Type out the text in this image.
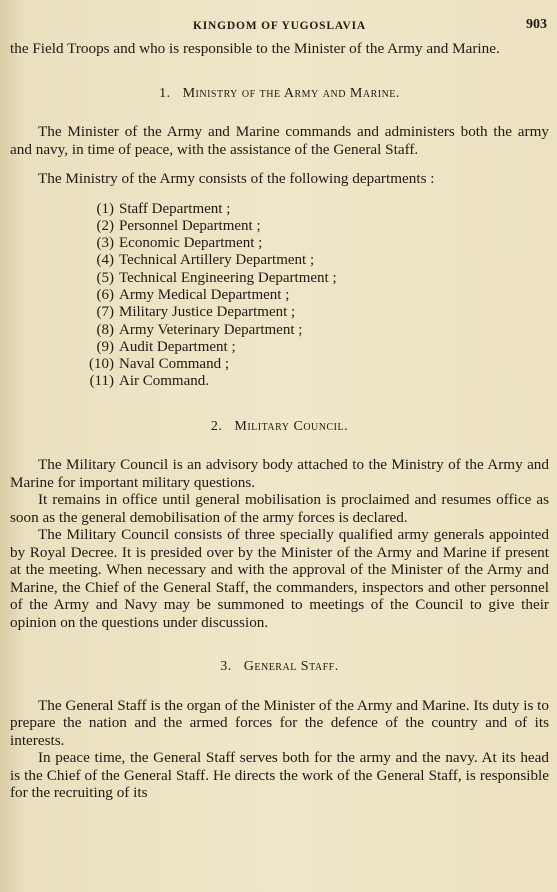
KINGDOM OF YUGOSLAVIA	903

the Field Troops and who is responsible to the Minister of the Army and Marine.

1. Ministry of the Army and Marine.

The Minister of the Army and Marine commands and administers both the army and navy, in time of peace, with the assistance of the General Staff.

The Ministry of the Army consists of the following departments :

(1) Staff Department ;
(2) Personnel Department ;
(3) Economic Department ;
(4) Technical Artillery Department ;
(5) Technical Engineering Department ;
(6) Army Medical Department ;
(7) Military Justice Department ;
(8) Army Veterinary Department ;
(9) Audit Department ;
(10) Naval Command ;
(11) Air Command.
2. Military Council.

The Military Council is an advisory body attached to the Ministry of the Army and Marine for important military questions.

It remains in office until general mobilisation is proclaimed and resumes office as soon as the general demobilisation of the army forces is declared.

The Military Council consists of three specially qualified army generals appointed by Royal Decree. It is presided over by the Minister of the Army and Marine if present at the meeting. When necessary and with the approval of the Minister of the Army and Marine, the Chief of the General Staff, the commanders, inspectors and other personnel of the Army and Navy may be summoned to meetings of the Council to give their opinion on the questions under discussion.

3. General Staff.

The General Staff is the organ of the Minister of the Army and Marine. Its duty is to prepare the nation and the armed forces for the defence of the country and of its interests.

In peace time, the General Staff serves both for the army and the navy. At its head is the Chief of the General Staff. He directs the work of the General Staff, is responsible for the recruiting of its
